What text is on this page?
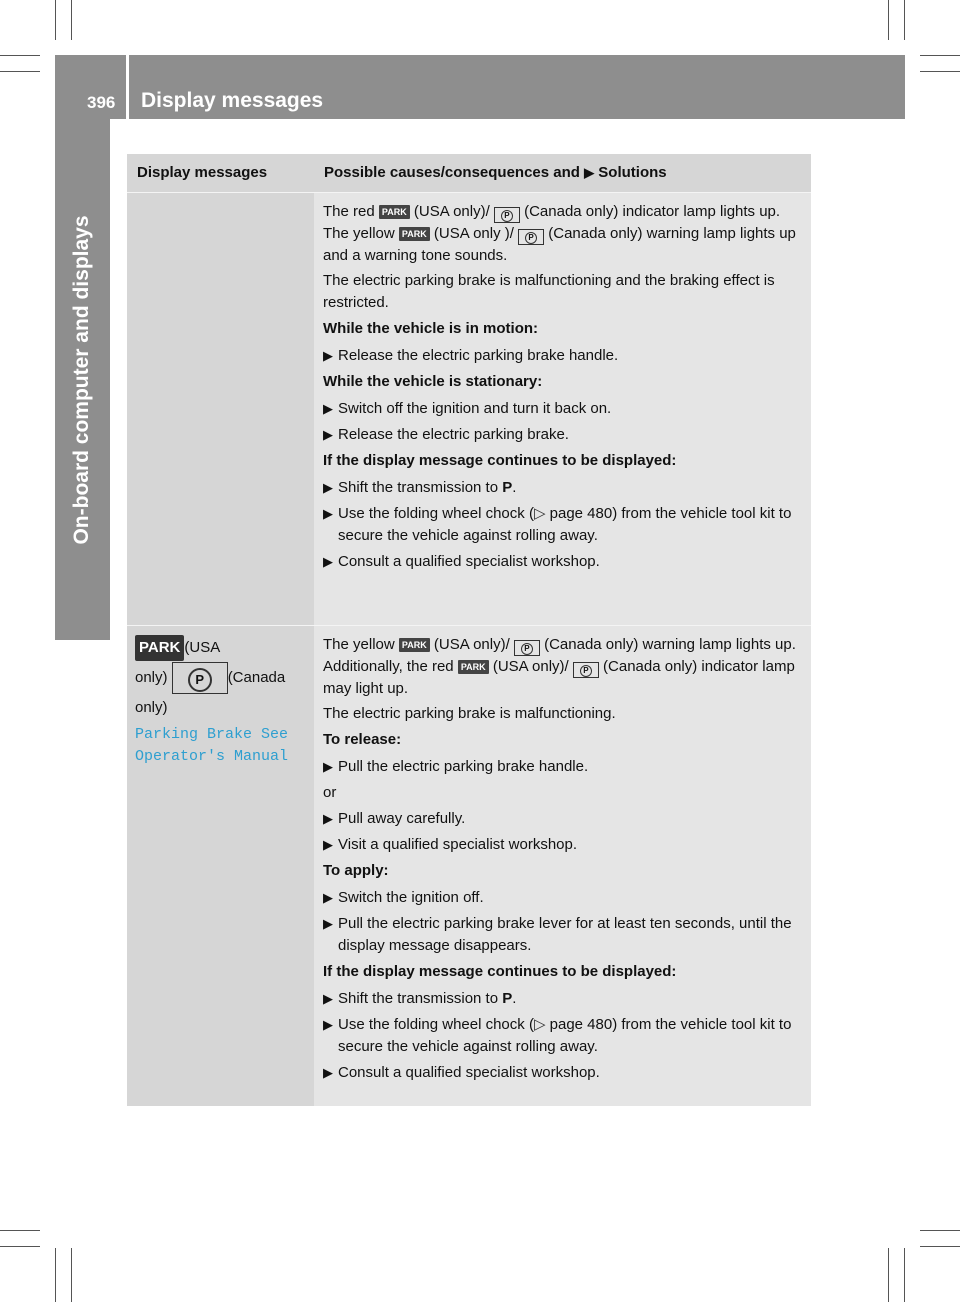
396 Display messages
On-board computer and displays
Display messages	Possible causes/consequences and ▶ Solutions

The red PARK (USA only)/ P (Canada only) indicator lamp lights up. The yellow PARK (USA only )/ P (Canada only) warning lamp lights up and a warning tone sounds.

The electric parking brake is malfunctioning and the braking effect is restricted.

While the vehicle is in motion:

▶ Release the electric parking brake handle.

While the vehicle is stationary:

▶ Switch off the ignition and turn it back on.
▶ Release the electric parking brake.

If the display message continues to be displayed:

▶ Shift the transmission to P.
▶ Use the folding wheel chock (▷ page 480) from the vehicle tool kit to secure the vehicle against rolling away.
▶ Consult a qualified specialist workshop.
PARK (USA
only) P (Canada
only)
Parking Brake See
Operator's Manual

The yellow PARK (USA only)/ P (Canada only) warning lamp lights up. Additionally, the red PARK (USA only)/ P (Canada only) indicator lamp may light up.

The electric parking brake is malfunctioning.

To release:

▶ Pull the electric parking brake handle.

or

▶ Pull away carefully.
▶ Visit a qualified specialist workshop.

To apply:

▶ Switch the ignition off.
▶ Pull the electric parking brake lever for at least ten seconds, until the display message disappears.

If the display message continues to be displayed:

▶ Shift the transmission to P.
▶ Use the folding wheel chock (▷ page 480) from the vehicle tool kit to secure the vehicle against rolling away.
▶ Consult a qualified specialist workshop.
